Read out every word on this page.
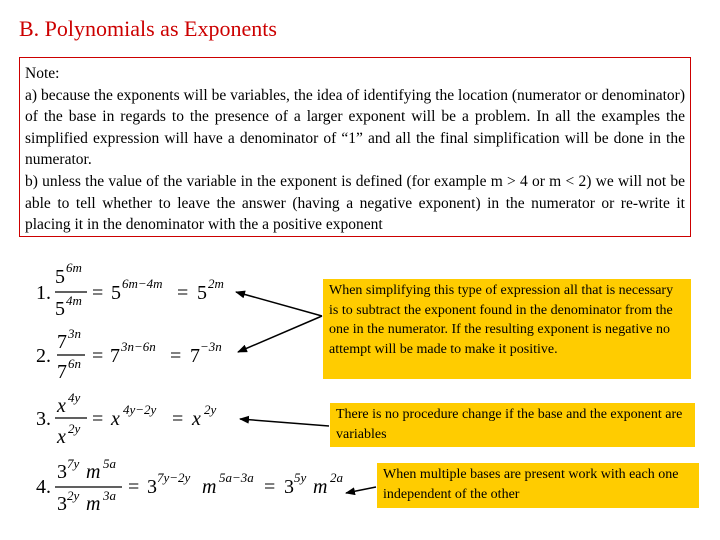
B. Polynomials as Exponents
Note:
a) because the exponents will be variables, the idea of identifying the location (numerator or denominator) of the base in regards to the presence of a larger exponent will be a problem. In all the examples the simplified expression will have a denominator of “1” and all the final simplification will be done in the numerator.
b) unless the value of the variable in the exponent is defined (for example m > 4 or m < 2) we will not be able to tell whether to leave the answer (having a negative exponent) in the numerator or re-write it placing it in the denominator with the a positive exponent
1.
5 6m
5 4m = 5 6m−4m = 5 2m
2.
7 3n
7 6n = 7 3n−6n = 7 −3n
3.
x 4y
x 2y = x 4y−2y = x 2y
4.
3 7y m 5a
3 2y m 3a = 3 7y−2y m 5a−3a = 3 5y m 2a
When simplifying this type of expression all that is necessary is to subtract the exponent found in the denominator from the one in the numerator. If the resulting exponent is negative no attempt will be made to make it positive.
There is no procedure change if the base and the exponent are variables
When multiple bases are present work with each one independent of the other
